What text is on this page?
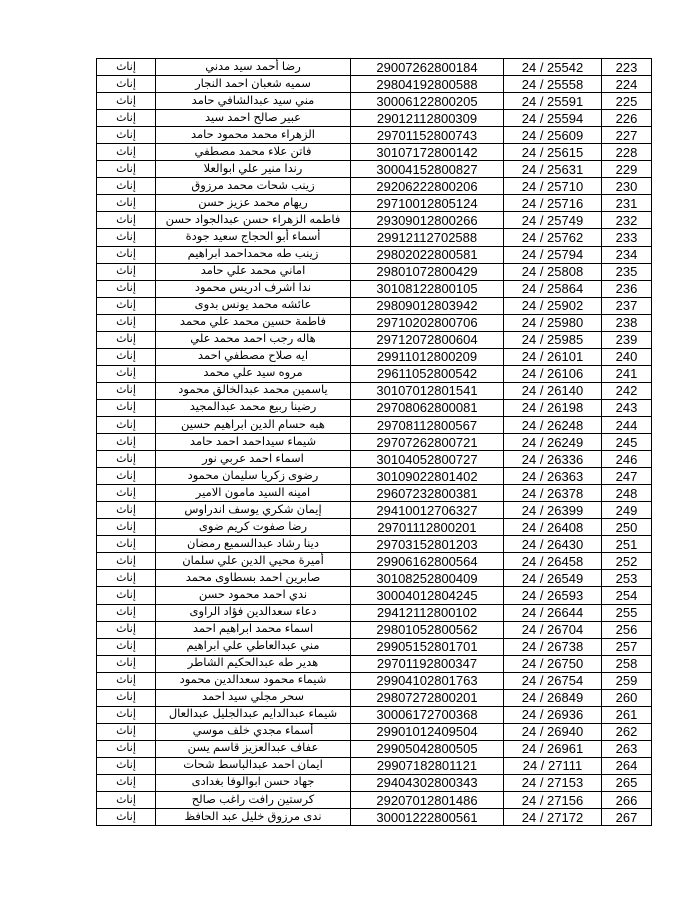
إناث	رضا أحمد سيد مدني	29007262800184	24 / 25542	223
إناث	سميه شعبان احمد النجار	29804192800588	24 / 25558	224
إناث	مني سيد عبدالشافي حامد	30006122800205	24 / 25591	225
إناث	عبير صالح احمد سيد	29012112800309	24 / 25594	226
إناث	الزهراء محمد محمود حامد	29701152800743	24 / 25609	227
إناث	فاتن علاء محمد مصطفي	30107172800142	24 / 25615	228
إناث	رندا منير علي ابوالعلا	30004152800827	24 / 25631	229
إناث	زينب شحات محمد مرزوق	29206222800206	24 / 25710	230
إناث	ريهام محمد عزيز حسن	29710012805124	24 / 25716	231
إناث	فاطمه الزهراء حسن عبدالجواد حسن	29309012800266	24 / 25749	232
إناث	أسماء أبو الحجاج سعيد جودة	29912112702588	24 / 25762	233
إناث	زينب طه محمداحمد ابراهيم	29802022800581	24 / 25794	234
إناث	اماني محمد علي حامد	29801072800429	24 / 25808	235
إناث	ندا اشرف ادريس محمود	30108122800105	24 / 25864	236
إناث	عائشه محمد يونس بدوى	29809012803942	24 / 25902	237
إناث	فاطمة حسين محمد علي محمد	29710202800706	24 / 25980	238
إناث	هاله رجب احمد محمد علي	29712072800604	24 / 25985	239
إناث	ايه صلاح مصطفي احمد	29911012800209	24 / 26101	240
إناث	مروه سيد علي محمد	29611052800542	24 / 26106	241
إناث	ياسمين محمد عبدالخالق محمود	30107012801541	24 / 26140	242
إناث	رضينا ربيع محمد عبدالمجيد	29708062800081	24 / 26198	243
إناث	هبه حسام الدين ابراهيم حسين	29708112800567	24 / 26248	244
إناث	شيماء سيداحمد احمد حامد	29707262800721	24 / 26249	245
إناث	اسماء احمد عربي نور	30104052800727	24 / 26336	246
إناث	رضوى زكريا سليمان محمود	30109022801402	24 / 26363	247
إناث	امينه السيد مامون الامير	29607232800381	24 / 26378	248
إناث	إيمان شكري يوسف اندراوس	29410012706327	24 / 26399	249
إناث	رضا صفوت كريم ضوى	29701112800201	24 / 26408	250
إناث	دينا رشاد عبدالسميع رمضان	29703152801203	24 / 26430	251
إناث	أميرة محيي الدين علي سلمان	29906162800564	24 / 26458	252
إناث	صابرين احمد بسطاوى محمد	30108252800409	24 / 26549	253
إناث	ندي احمد محمود حسن	30004012804245	24 / 26593	254
إناث	دعاء سعدالدين فؤاد الراوى	29412112800102	24 / 26644	255
إناث	اسماء محمد ابراهيم احمد	29801052800562	24 / 26704	256
إناث	مني عبدالعاطي علي ابراهيم	29905152801701	24 / 26738	257
إناث	هدير طه عبدالحكيم الشاطر	29701192800347	24 / 26750	258
إناث	شيماء محمود سعدالدين محمود	29904102801763	24 / 26754	259
إناث	سحر مجلي سيد احمد	29807272800201	24 / 26849	260
إناث	شيماء عبدالدايم عبدالجليل عبدالعال	30006172700368	24 / 26936	261
إناث	أسماء مجدي خلف موسي	29901012409504	24 / 26940	262
إناث	عفاف عبدالعزيز قاسم يسن	29905042800505	24 / 26961	263
إناث	ايمان احمد عبدالباسط شحات	29907182801121	24 / 27111	264
إناث	جهاد حسن ابوالوفا بغدادى	29404302800343	24 / 27153	265
إناث	كرستين رافت راغب صالح	29207012801486	24 / 27156	266
إناث	ندى مرزوق خليل عبد الحافظ	30001222800561	24 / 27172	267
